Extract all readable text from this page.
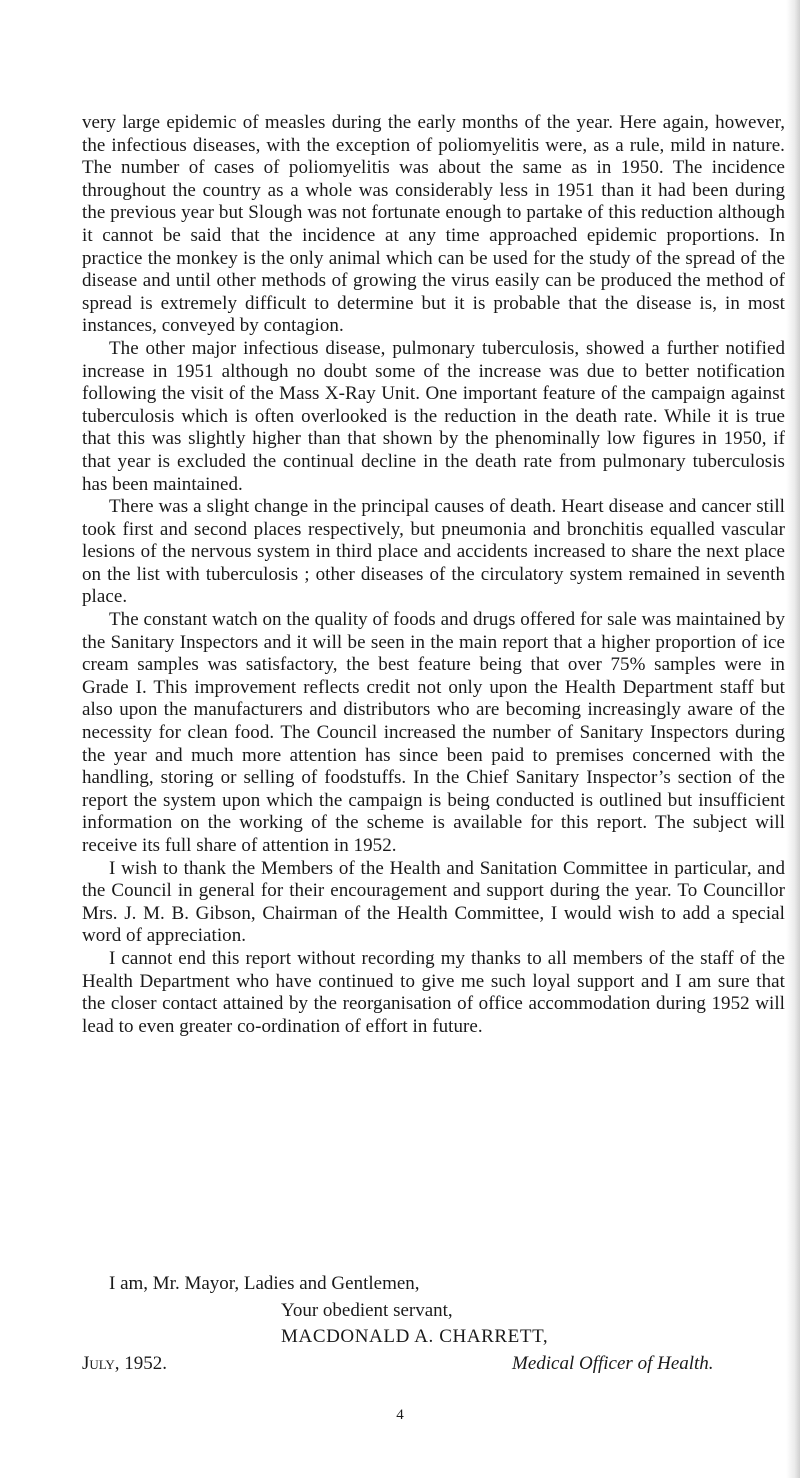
very large epidemic of measles during the early months of the year. Here again, however, the infectious diseases, with the exception of poliomyelitis were, as a rule, mild in nature. The number of cases of poliomyelitis was about the same as in 1950. The incidence throughout the country as a whole was considerably less in 1951 than it had been during the previous year but Slough was not fortunate enough to partake of this reduction although it cannot be said that the incidence at any time approached epidemic proportions. In practice the monkey is the only animal which can be used for the study of the spread of the disease and until other methods of growing the virus easily can be produced the method of spread is extremely difficult to determine but it is probable that the disease is, in most instances, conveyed by contagion.

The other major infectious disease, pulmonary tuberculosis, showed a further notified increase in 1951 although no doubt some of the increase was due to better notification following the visit of the Mass X-Ray Unit. One important feature of the campaign against tuberculosis which is often overlooked is the reduction in the death rate. While it is true that this was slightly higher than that shown by the phenominally low figures in 1950, if that year is excluded the continual decline in the death rate from pulmonary tuberculosis has been maintained.

There was a slight change in the principal causes of death. Heart disease and cancer still took first and second places respectively, but pneumonia and bronchitis equalled vascular lesions of the nervous system in third place and accidents increased to share the next place on the list with tuberculosis ; other diseases of the circulatory system remained in seventh place.

The constant watch on the quality of foods and drugs offered for sale was maintained by the Sanitary Inspectors and it will be seen in the main report that a higher proportion of ice cream samples was satisfactory, the best feature being that over 75% samples were in Grade I. This improvement reflects credit not only upon the Health Department staff but also upon the manufacturers and distributors who are becoming increasingly aware of the necessity for clean food. The Council increased the number of Sanitary Inspectors during the year and much more attention has since been paid to premises concerned with the handling, storing or selling of foodstuffs. In the Chief Sanitary Inspector’s section of the report the system upon which the campaign is being conducted is outlined but insufficient information on the working of the scheme is available for this report. The subject will receive its full share of attention in 1952.

I wish to thank the Members of the Health and Sanitation Committee in particular, and the Council in general for their encouragement and support during the year. To Councillor Mrs. J. M. B. Gibson, Chairman of the Health Committee, I would wish to add a special word of appreciation.

I cannot end this report without recording my thanks to all members of the staff of the Health Department who have continued to give me such loyal support and I am sure that the closer contact attained by the reorganisation of office accommodation during 1952 will lead to even greater co-ordination of effort in future.

I am, Mr. Mayor, Ladies and Gentlemen,
Your obedient servant,
MACDONALD A. CHARRETT,
July, 1952.	Medical Officer of Health.
4
